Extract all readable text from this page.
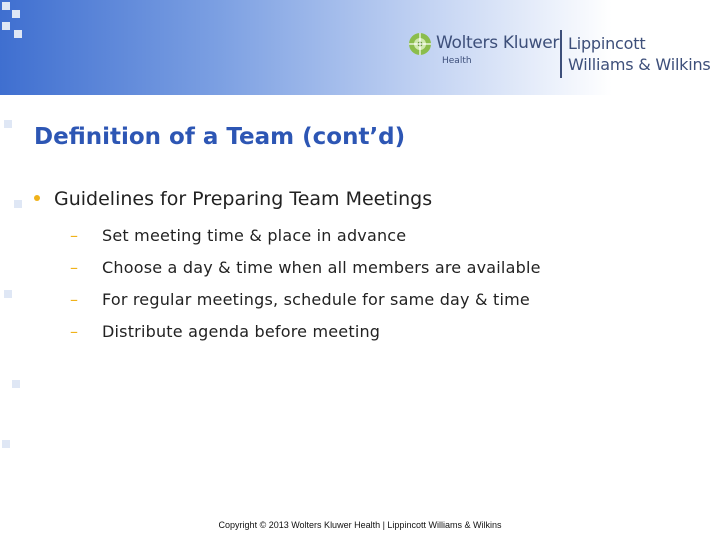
Wolters Kluwer
Health
Lippincott
Williams & Wilkins
Definition of a Team (cont’d)
Guidelines for Preparing Team Meetings
– Set meeting time & place in advance
– Choose a day & time when all members are available
– For regular meetings, schedule for same day & time
– Distribute agenda before meeting
Copyright © 2013 Wolters Kluwer Health | Lippincott Williams & Wilkins
